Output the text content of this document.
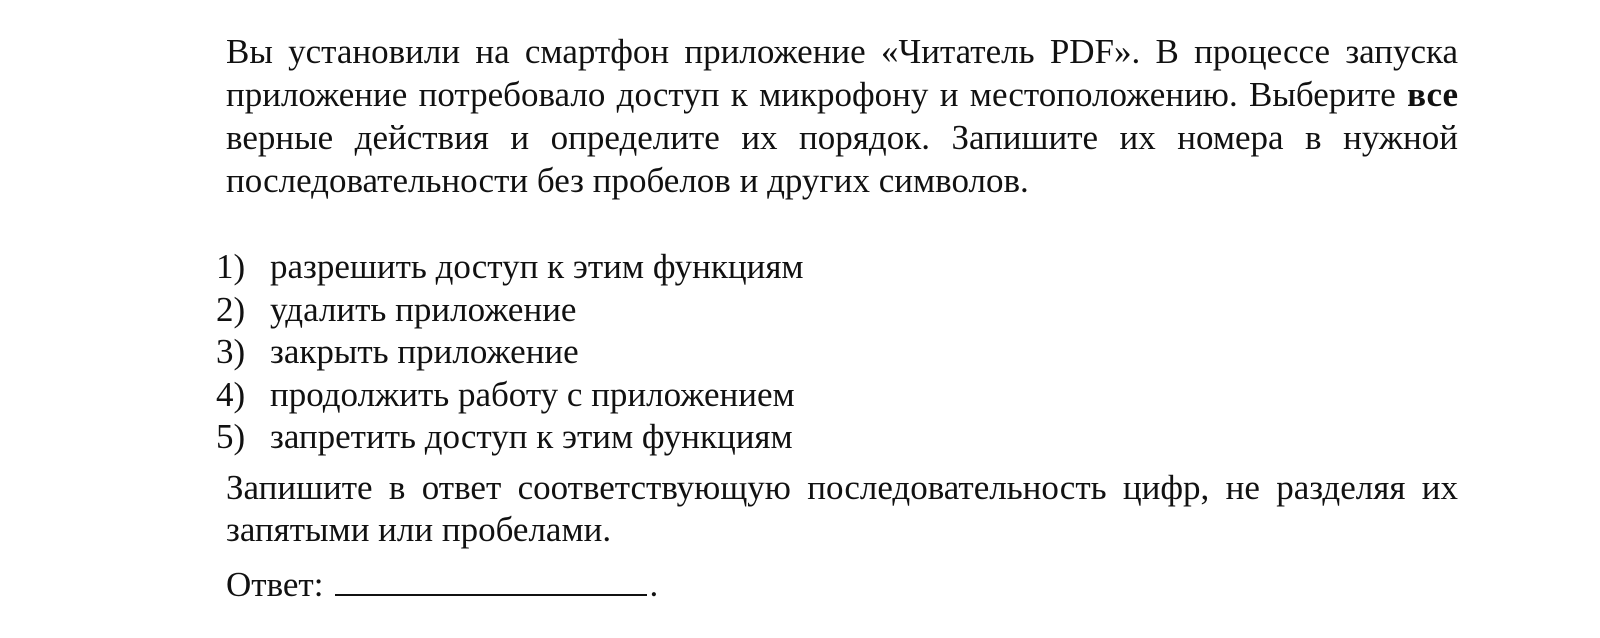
Вы установили на смартфон приложение «Читатель PDF». В процессе запуска приложение потребовало доступ к микрофону и местоположению. Выберите все верные действия и определите их порядок. Запишите их номера в нужной последовательности без пробелов и других символов.

1) разрешить доступ к этим функциям
2) удалить приложение
3) закрыть приложение
4) продолжить работу с приложением
5) запретить доступ к этим функциям

Запишите в ответ соответствующую последовательность цифр, не разделяя их запятыми или пробелами.

Ответ:	.
